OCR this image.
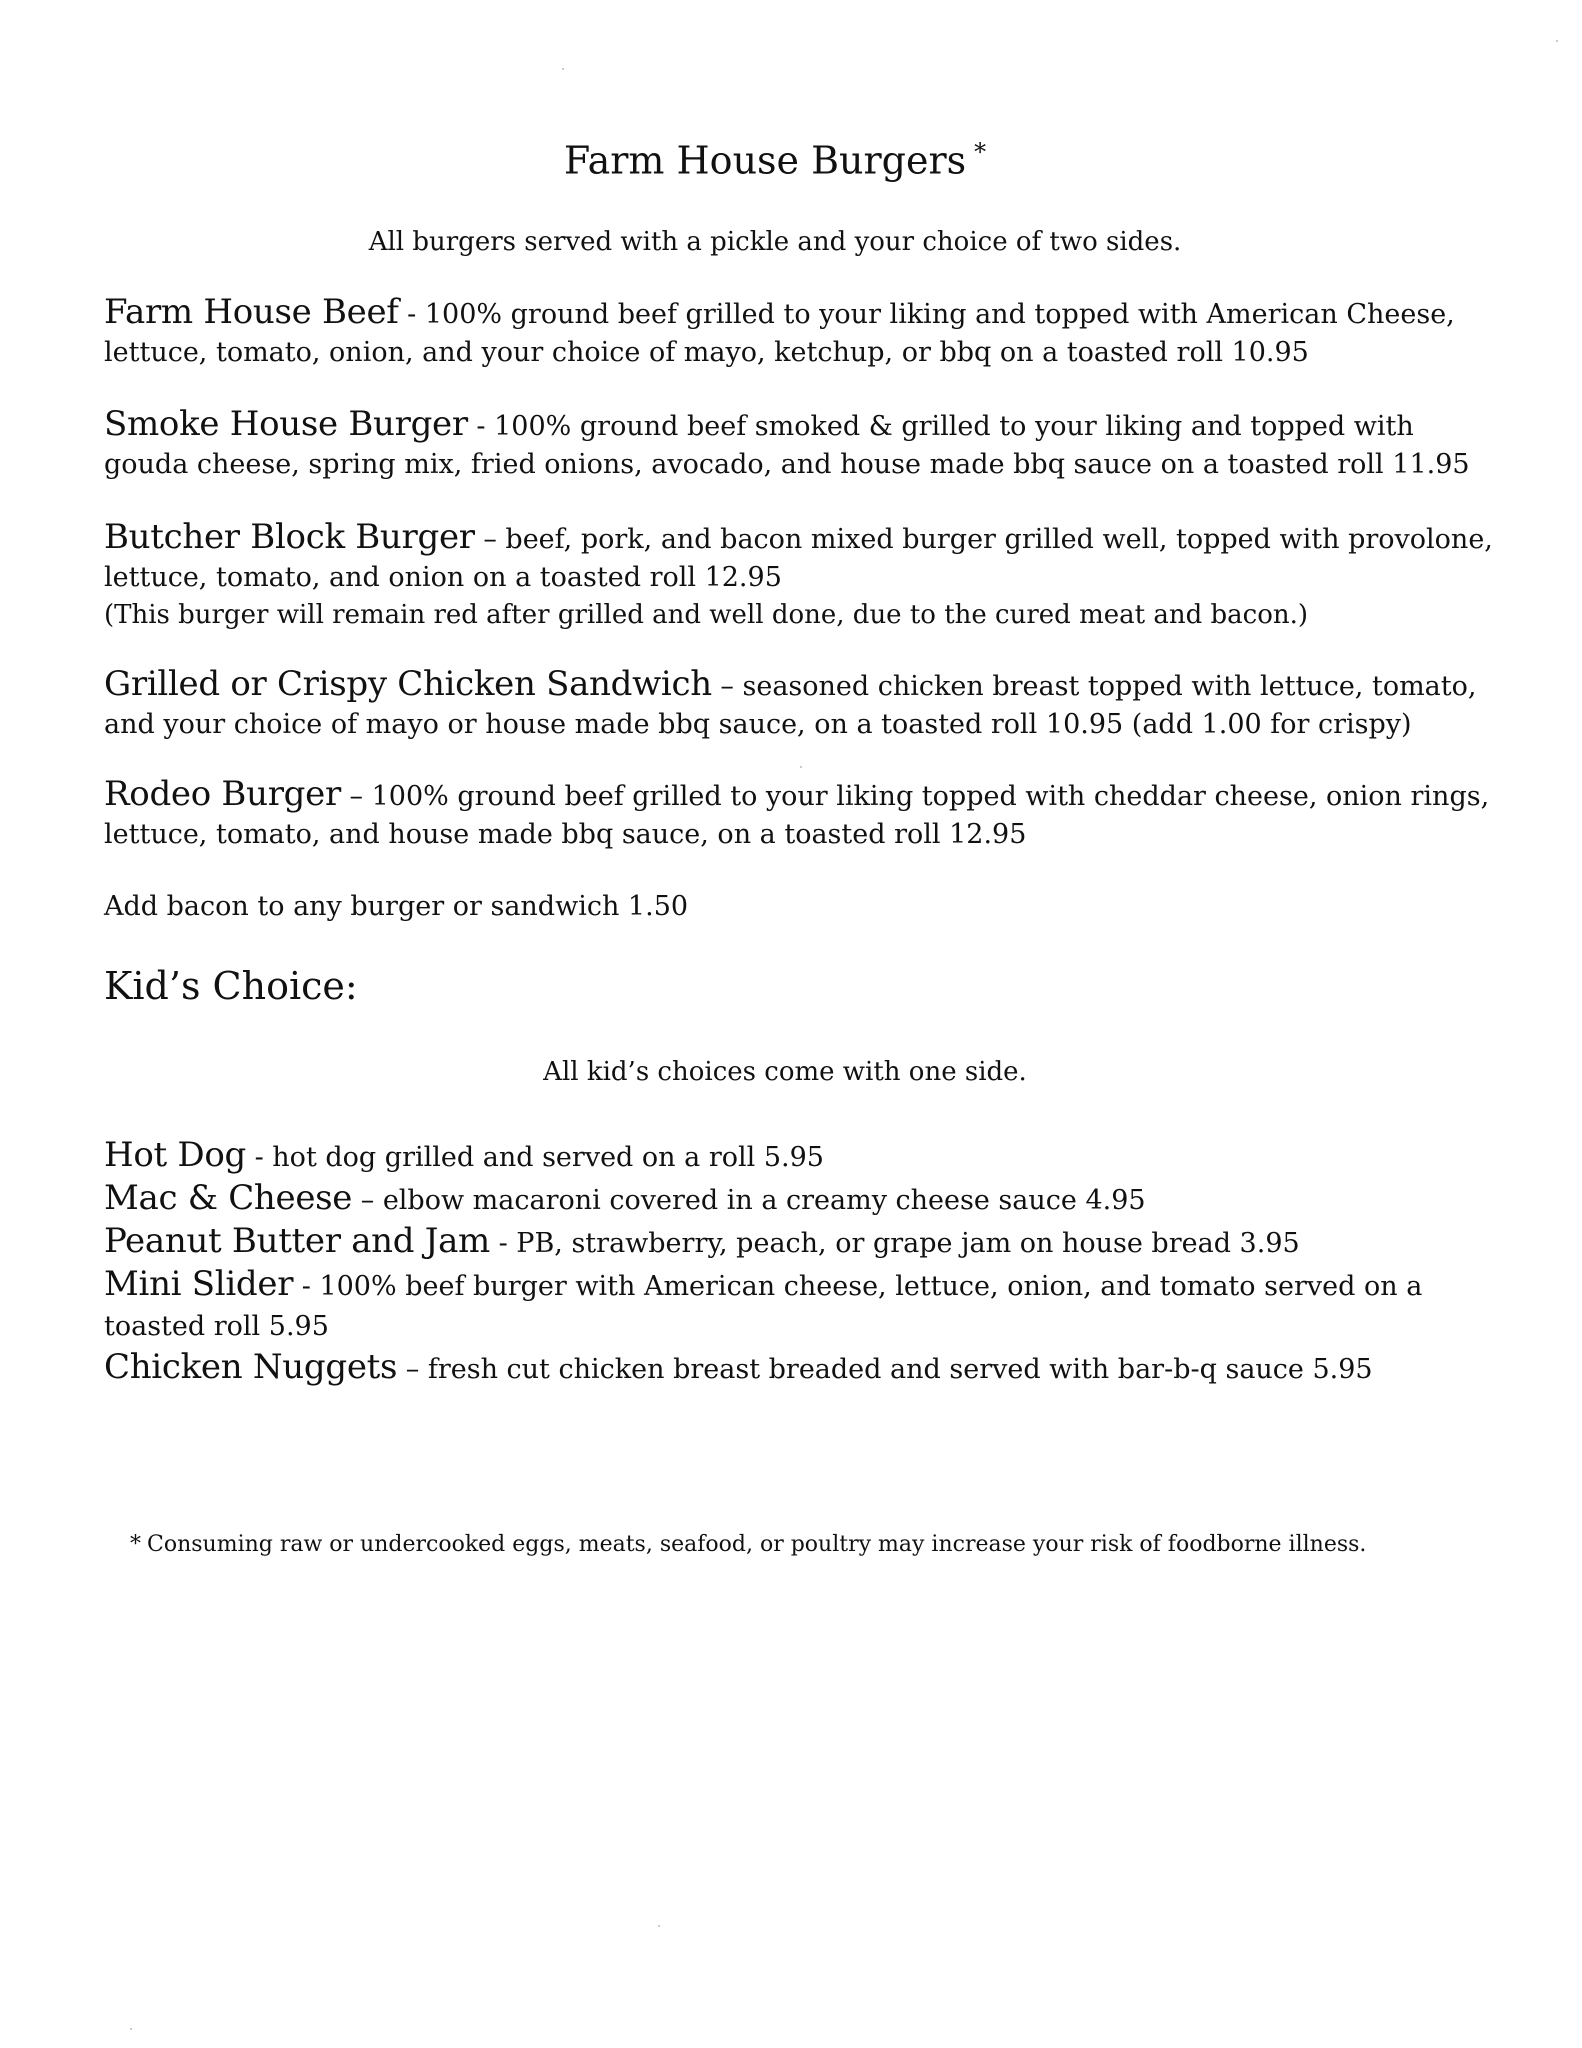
Farm House Burgers *
All burgers served with a pickle and your choice of two sides.
Farm House Beef - 100% ground beef grilled to your liking and topped with American Cheese, lettuce, tomato, onion, and your choice of mayo, ketchup, or bbq on a toasted roll 10.95
Smoke House Burger - 100% ground beef smoked & grilled to your liking and topped with gouda cheese, spring mix, fried onions, avocado, and house made bbq sauce on a toasted roll 11.95
Butcher Block Burger – beef, pork, and bacon mixed burger grilled well, topped with provolone, lettuce, tomato, and onion on a toasted roll 12.95
(This burger will remain red after grilled and well done, due to the cured meat and bacon.)
Grilled or Crispy Chicken Sandwich – seasoned chicken breast topped with lettuce, tomato, and your choice of mayo or house made bbq sauce, on a toasted roll 10.95 (add 1.00 for crispy)
Rodeo Burger – 100% ground beef grilled to your liking topped with cheddar cheese, onion rings, lettuce, tomato, and house made bbq sauce, on a toasted roll 12.95
Add bacon to any burger or sandwich 1.50
Kid’s Choice:
All kid’s choices come with one side.
Hot Dog - hot dog grilled and served on a roll 5.95
Mac & Cheese – elbow macaroni covered in a creamy cheese sauce 4.95
Peanut Butter and Jam - PB, strawberry, peach, or grape jam on house bread 3.95
Mini Slider - 100% beef burger with American cheese, lettuce, onion, and tomato served on a toasted roll 5.95
Chicken Nuggets – fresh cut chicken breast breaded and served with bar-b-q sauce 5.95
* Consuming raw or undercooked eggs, meats, seafood, or poultry may increase your risk of foodborne illness.
